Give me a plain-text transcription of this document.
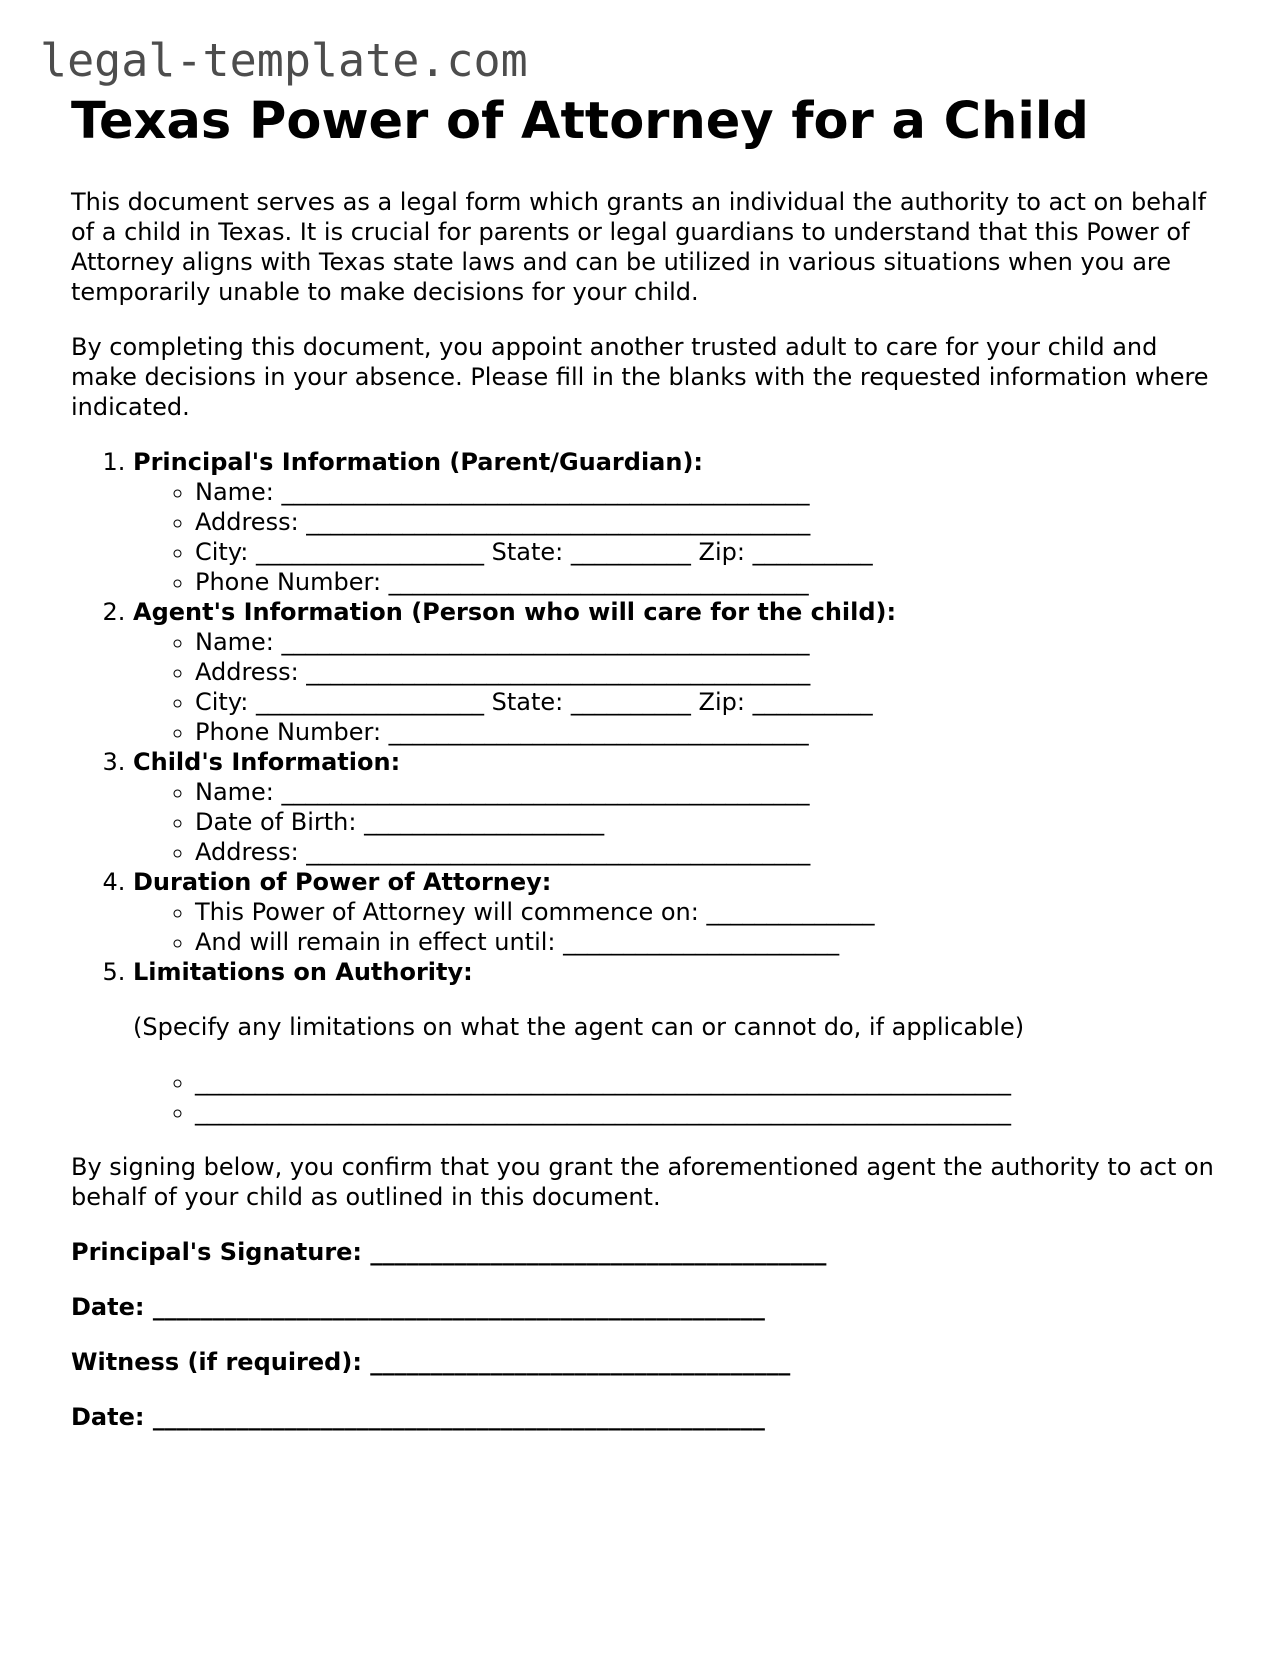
legal-template.com
Texas Power of Attorney for a Child

This document serves as a legal form which grants an individual the authority to act on behalf of a child in Texas. It is crucial for parents or legal guardians to understand that this Power of Attorney aligns with Texas state laws and can be utilized in various situations when you are temporarily unable to make decisions for your child.

By completing this document, you appoint another trusted adult to care for your child and make decisions in your absence. Please fill in the blanks with the requested information where indicated.

1. Principal's Information (Parent/Guardian):
◦ Name: ____________________________________________
◦ Address: __________________________________________
◦ City: ___________________ State: __________ Zip: __________
◦ Phone Number: ___________________________________
2. Agent's Information (Person who will care for the child):
◦ Name: ____________________________________________
◦ Address: __________________________________________
◦ City: ___________________ State: __________ Zip: __________
◦ Phone Number: ___________________________________
3. Child's Information:
◦ Name: ____________________________________________
◦ Date of Birth: ____________________
◦ Address: __________________________________________
4. Duration of Power of Attorney:
◦ This Power of Attorney will commence on: ______________
◦ And will remain in effect until: _______________________
5. Limitations on Authority:

(Specify any limitations on what the agent can or cannot do, if applicable)

◦ ____________________________________________________________________
◦ ____________________________________________________________________

By signing below, you confirm that you grant the aforementioned agent the authority to act on behalf of your child as outlined in this document.

Principal's Signature: ______________________________________

Date: ___________________________________________________

Witness (if required): ___________________________________

Date: ___________________________________________________
